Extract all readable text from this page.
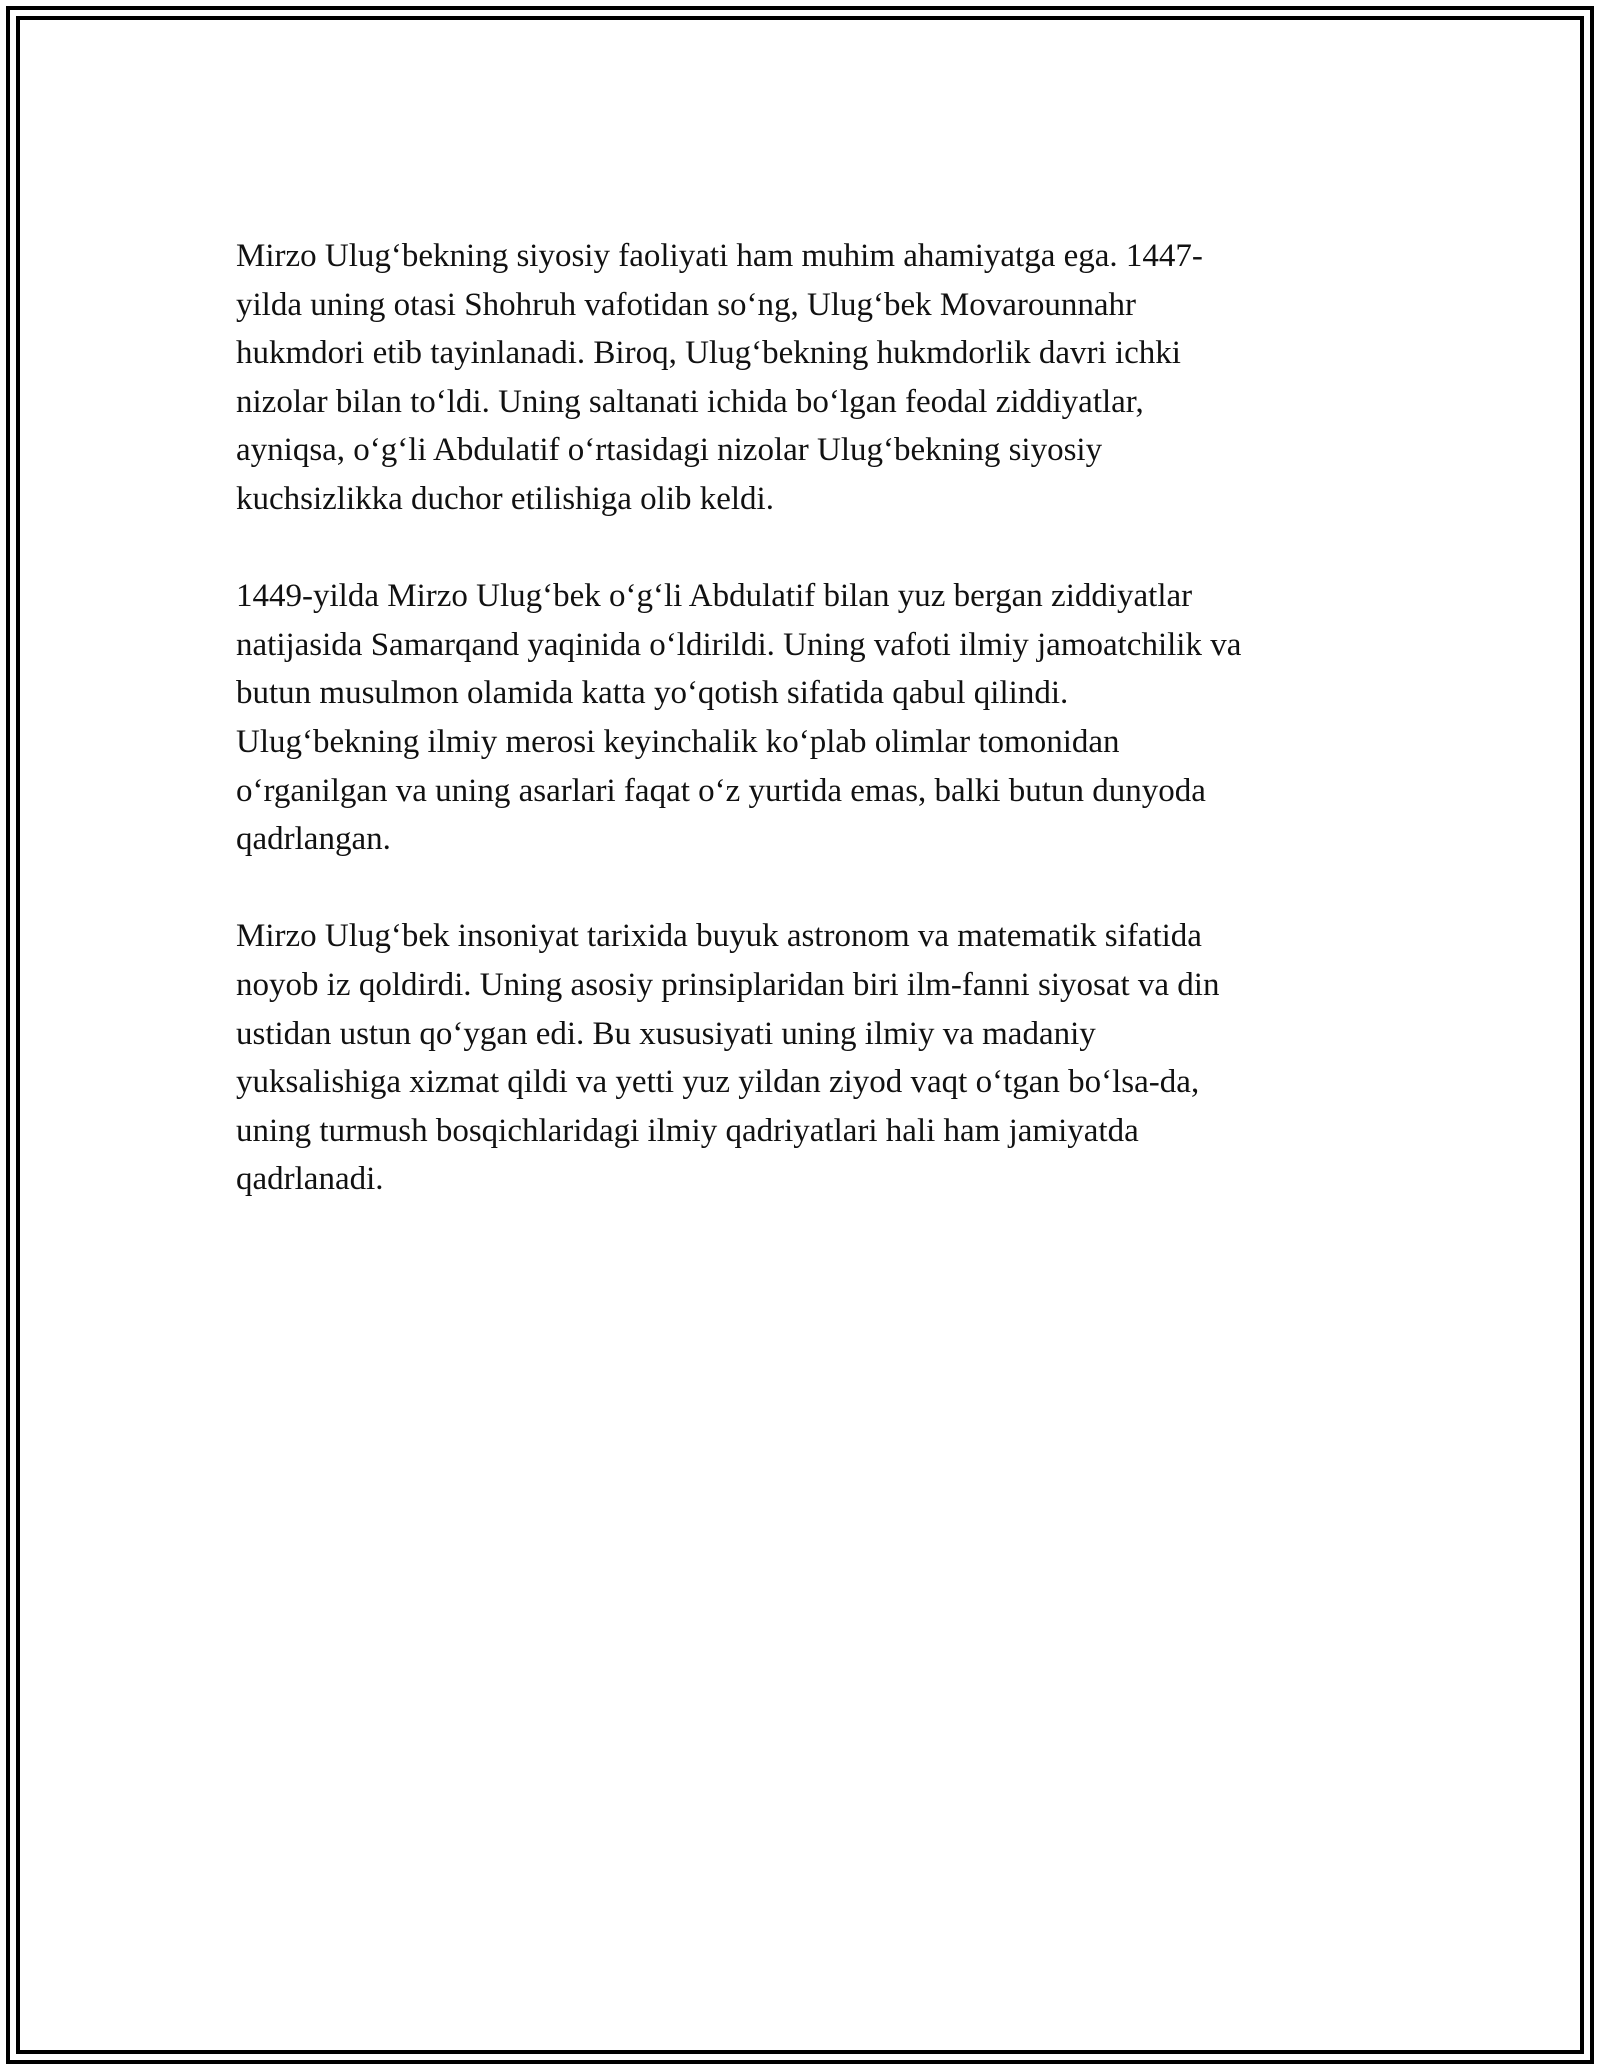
Mirzo Ulug‘bekning siyosiy faoliyati ham muhim ahamiyatga ega. 1447-
yilda uning otasi Shohruh vafotidan so‘ng, Ulug‘bek Movarounnahr
hukmdori etib tayinlanadi. Biroq, Ulug‘bekning hukmdorlik davri ichki
nizolar bilan to‘ldi. Uning saltanati ichida bo‘lgan feodal ziddiyatlar,
ayniqsa, o‘g‘li Abdulatif o‘rtasidagi nizolar Ulug‘bekning siyosiy
kuchsizlikka duchor etilishiga olib keldi.

1449-yilda Mirzo Ulug‘bek o‘g‘li Abdulatif bilan yuz bergan ziddiyatlar
natijasida Samarqand yaqinida o‘ldirildi. Uning vafoti ilmiy jamoatchilik va
butun musulmon olamida katta yo‘qotish sifatida qabul qilindi.
Ulug‘bekning ilmiy merosi keyinchalik ko‘plab olimlar tomonidan
o‘rganilgan va uning asarlari faqat o‘z yurtida emas, balki butun dunyoda
qadrlangan.

Mirzo Ulug‘bek insoniyat tarixida buyuk astronom va matematik sifatida
noyob iz qoldirdi. Uning asosiy prinsiplaridan biri ilm-fanni siyosat va din
ustidan ustun qo‘ygan edi. Bu xususiyati uning ilmiy va madaniy
yuksalishiga xizmat qildi va yetti yuz yildan ziyod vaqt o‘tgan bo‘lsa-da,
uning turmush bosqichlaridagi ilmiy qadriyatlari hali ham jamiyatda
qadrlanadi.
